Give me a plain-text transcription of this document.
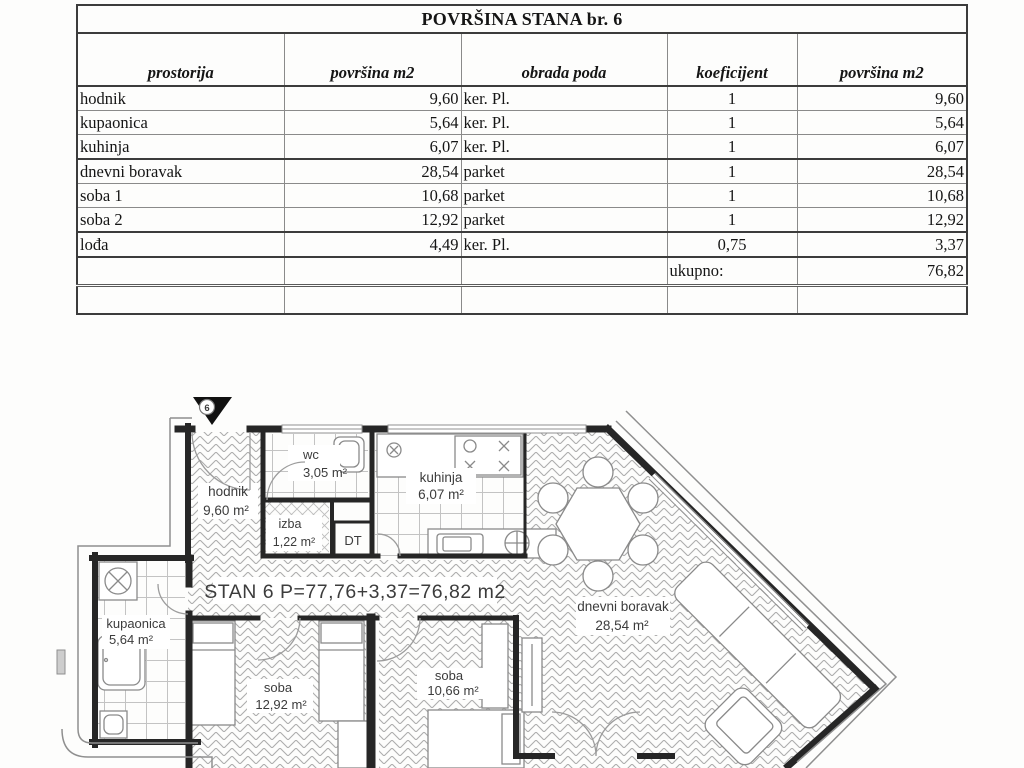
POVRŠINA STANA br. 6				
prostorija	površina m2	obrada poda	koeficijent	površina m2
hodnik	9,60	ker. Pl.	1	9,60
kupaonica	5,64	ker. Pl.	1	5,64
kuhinja	6,07	ker. Pl.	1	6,07
dnevni boravak	28,54	parket	1	28,54
soba 1	10,68	parket	1	10,68
soba 2	12,92	parket	1	12,92
lođa	4,49	ker. Pl.	0,75	3,37
			ukupno:	76,82

6
wc
3,05 m²
hodnik
9,60 m²
izba
1,22 m² DT
kuhinja
6,07 m²
dnevni boravak
28,54 m²
kupaonica
5,64 m²
soba
12,92 m²
soba
10,66 m²
STAN 6 P=77,76+3,37=76,82 m2
